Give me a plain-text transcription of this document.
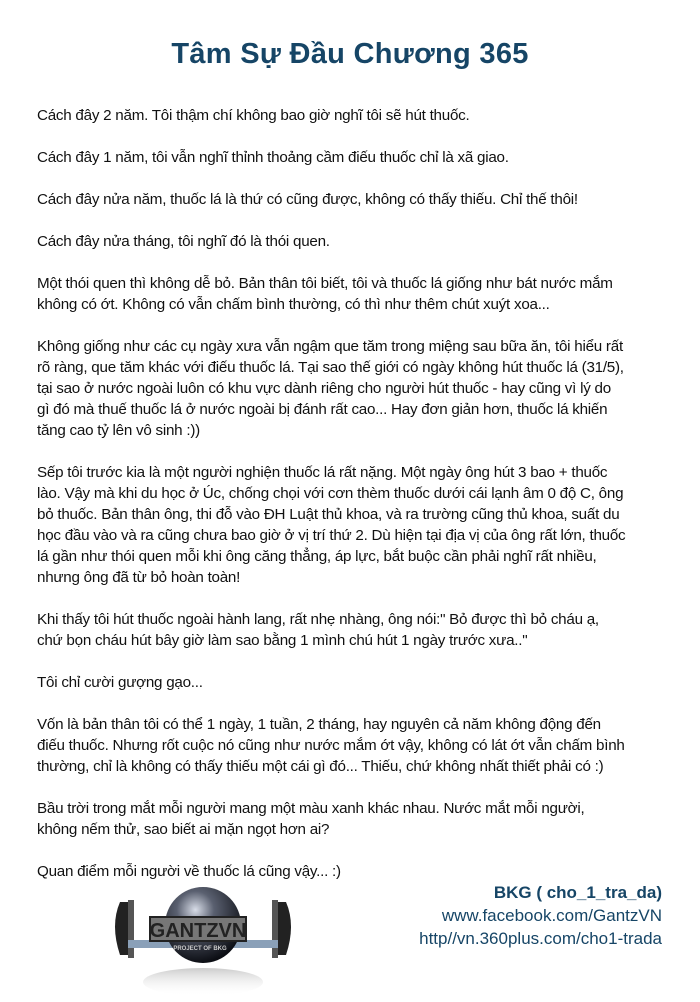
Tâm Sự Đầu Chương 365
Cách đây 2 năm. Tôi thậm chí không bao giờ nghĩ tôi sẽ hút thuốc.
Cách đây 1 năm, tôi vẫn nghĩ thỉnh thoảng cầm điếu thuốc chỉ là xã giao.
Cách đây nửa năm, thuốc lá là thứ có cũng được, không có thấy thiếu. Chỉ thế thôi!
Cách đây nửa tháng, tôi nghĩ đó là thói quen.
Một thói quen thì không dễ bỏ. Bản thân tôi biết, tôi và thuốc lá giống như bát nước mắm
không có ớt. Không có vẫn chấm bình thường, có thì như thêm chút xuýt xoa...
Không giống như các cụ ngày xưa vẫn ngậm que tăm trong miệng sau bữa ăn, tôi hiểu rất
rõ ràng, que tăm khác với điếu thuốc lá. Tại sao thế giới có ngày không hút thuốc lá (31/5),
tại sao ở nước ngoài luôn có khu vực dành riêng cho người hút thuốc - hay cũng vì lý do
gì đó mà thuế thuốc lá ở nước ngoài bị đánh rất cao... Hay đơn giản hơn, thuốc lá khiến
tăng cao tỷ lên vô sinh :))
Sếp tôi trước kia là một người nghiện thuốc lá rất nặng. Một ngày ông hút 3 bao + thuốc
lào. Vậy mà khi du học ở Úc, chống chọi với cơn thèm thuốc dưới cái lạnh âm 0 độ C, ông
bỏ thuốc. Bản thân ông, thi đỗ vào ĐH Luật thủ khoa, và ra trường cũng thủ khoa, suất du
học đầu vào và ra cũng chưa bao giờ ở vị trí thứ 2. Dù hiện tại địa vị của ông rất lớn, thuốc
lá gần như thói quen mỗi khi ông căng thẳng, áp lực, bắt buộc cần phải nghĩ rất nhiều,
nhưng ông đã từ bỏ hoàn toàn!
Khi thấy tôi hút thuốc ngoài hành lang, rất nhẹ nhàng, ông nói:" Bỏ được thì bỏ cháu ạ,
chứ bọn cháu hút bây giờ làm sao bằng 1 mình chú hút 1 ngày trước xưa.."
Tôi chỉ cười gượng gạo...
Vốn là bản thân tôi có thể 1 ngày, 1 tuần, 2 tháng, hay nguyên cả năm không động đến
điếu thuốc. Nhưng rốt cuộc nó cũng như nước mắm ớt vậy, không có lát ớt vẫn chấm bình
thường, chỉ là không có thấy thiếu một cái gì đó... Thiếu, chứ không nhất thiết phải có :)
Bầu trời trong mắt mỗi người mang một màu xanh khác nhau. Nước mắt mỗi người,
không nếm thử, sao biết ai mặn ngọt hơn ai?
Quan điểm mỗi người về thuốc lá cũng vậy... :)
GANTZVN
PROJECT OF BKG
BKG ( cho_1_tra_da)
www.facebook.com/GantzVN
http//vn.360plus.com/cho1-trada
